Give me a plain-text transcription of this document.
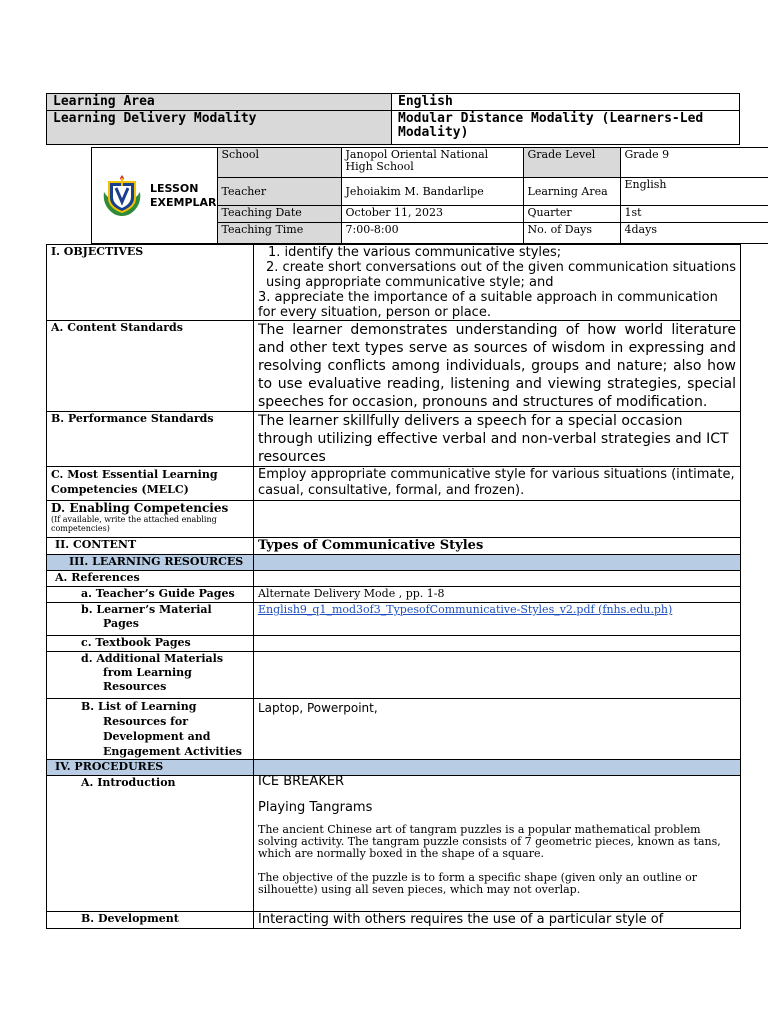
Learning Area	English
Learning Delivery Modality	Modular Distance Modality (Learners-Led Modality)
LESSON
EXEMPLAR	School	Janopol Oriental National High School	Grade Level	Grade 9
	Teacher	Jehoiakim M. Bandarlipe	Learning Area	English
	Teaching Date	October 11, 2023	Quarter	1st
	Teaching Time	7:00-8:00	No. of Days	4days
I. OBJECTIVES	1. identify the various communicative styles;
2. create short conversations out of the given communication situations using appropriate communicative style; and
3. appreciate the importance of a suitable approach in communication for every situation, person or place.

A. Content Standards	The learner demonstrates understanding of how world literature and other text types serve as sources of wisdom in expressing and resolving conflicts among individuals, groups and nature; also how to use evaluative reading, listening and viewing strategies, special speeches for occasion, pronouns and structures of modification.
B. Performance Standards	The learner skillfully delivers a speech for a special occasion through utilizing effective verbal and non-verbal strategies and ICT resources
C. Most Essential Learning Competencies (MELC)	Employ appropriate communicative style for various situations (intimate, casual, consultative, formal, and frozen).
D. Enabling Competencies
(If available, write the attached enabling competencies)	

II. CONTENT	Types of Communicative Styles
III. LEARNING RESOURCES	
A. References	
a. Teacher’s Guide Pages	Alternate Delivery Mode , pp. 1-8

b. Learner’s Material Pages	English9_q1_mod3of3_TypesofCommunicative-Styles_v2.pdf (fnhs.edu.ph)
c. Textbook Pages	

d. Additional Materials from Learning Resources	

B. List of Learning Resources for Development and Engagement Activities	Laptop, Powerpoint,
IV. PROCEDURES	
A. Introduction	ICE BREAKER

Playing Tangrams

The ancient Chinese art of tangram puzzles is a popular mathematical problem solving activity. The tangram puzzle consists of 7 geometric pieces, known as tans, which are normally boxed in the shape of a square.

The objective of the puzzle is to form a specific shape (given only an outline or silhouette) using all seven pieces, which may not overlap.

B. Development	Interacting with others requires the use of a particular style of
